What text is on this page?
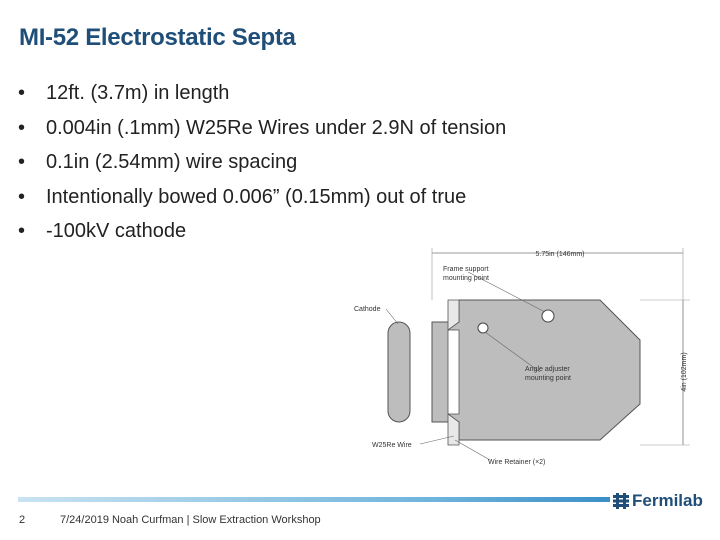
MI-52 Electrostatic Septa
• 12ft. (3.7m) in length
• 0.004in (.1mm) W25Re Wires under 2.9N of tension
• 0.1in (2.54mm) wire spacing
• Intentionally bowed 0.006” (0.15mm) out of true
• -100kV cathode
5.75in (146mm)
4in (102mm)
Frame support
mounting point
Cathode
Angle adjuster
mounting point
W25Re Wire
Wire Retainer (×2)
2	7/24/2019 Noah Curfman | Slow Extraction Workshop
Fermilab
